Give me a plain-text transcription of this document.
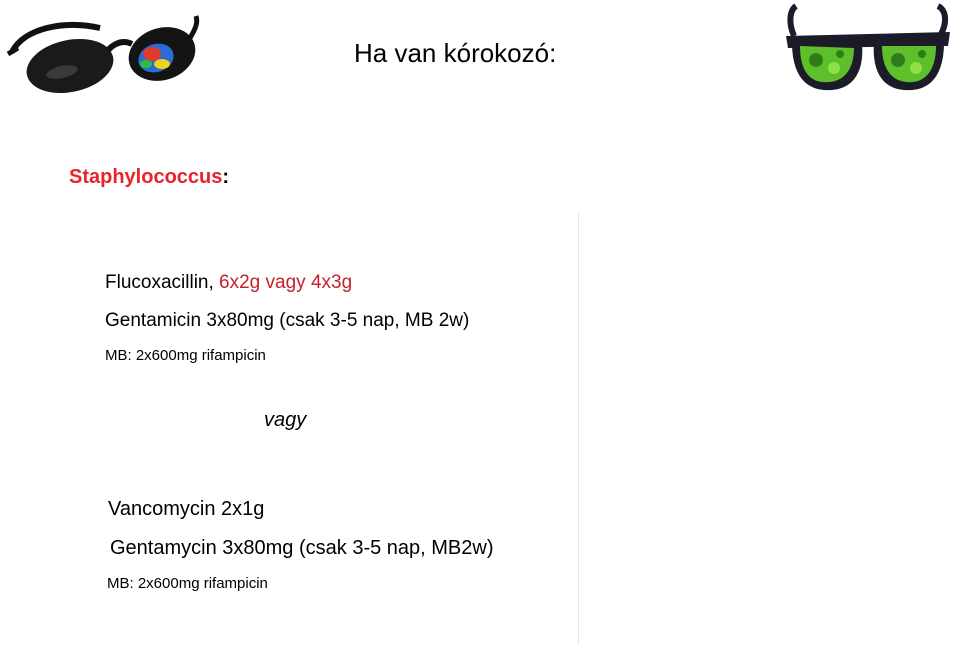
Ha van kórokozó:
Staphylococcus:
Flucoxacillin, 6x2g vagy 4x3g
Gentamicin 3x80mg (csak 3-5 nap, MB 2w)
MB: 2x600mg rifampicin
vagy
Vancomycin 2x1g
Gentamycin 3x80mg (csak 3-5 nap, MB2w)
MB: 2x600mg rifampicin
